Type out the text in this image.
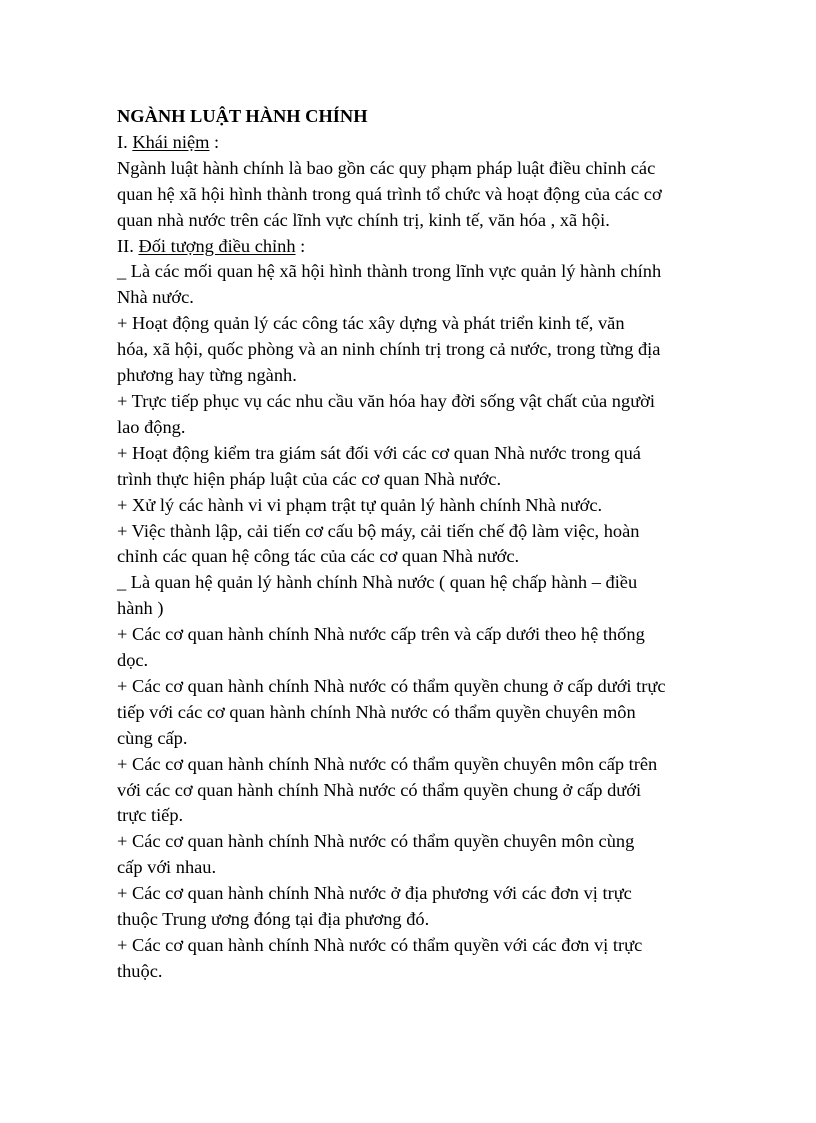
NGÀNH LUẬT HÀNH CHÍNH

I. Khái niệm :

Ngành luật hành chính là bao gồn các quy phạm pháp luật điều chỉnh các

quan hệ xã hội hình thành trong quá trình tổ chức và hoạt động của các cơ

quan nhà nước trên các lĩnh vực chính trị, kinh tế, văn hóa , xã hội.

II. Đối tượng điều chỉnh :

_ Là các mối quan hệ xã hội hình thành trong lĩnh vực quản lý hành chính

Nhà nước.

+ Hoạt động quản lý các công tác xây dựng và phát triển kinh tế, văn

hóa, xã hội, quốc phòng và an ninh chính trị trong cả nước, trong từng địa

phương hay từng ngành.

+ Trực tiếp phục vụ các nhu cầu văn hóa hay đời sống vật chất của người

lao động.

+ Hoạt động kiểm tra giám sát đối với các cơ quan Nhà nước trong quá

trình thực hiện pháp luật của các cơ quan Nhà nước.

+ Xử lý các hành vi vi phạm trật tự quản lý hành chính Nhà nước.

+ Việc thành lập, cải tiến cơ cấu bộ máy, cải tiến chế độ làm việc, hoàn

chỉnh các quan hệ công tác của các cơ quan Nhà nước.

_ Là quan hệ quản lý hành chính Nhà nước ( quan hệ chấp hành – điều

hành )

+ Các cơ quan hành chính Nhà nước cấp trên và cấp dưới theo hệ thống

dọc.

+ Các cơ quan hành chính Nhà nước có thẩm quyền chung ở cấp dưới trực

tiếp với các cơ quan hành chính Nhà nước có thẩm quyền chuyên môn

cùng cấp.

+ Các cơ quan hành chính Nhà nước có thẩm quyền chuyên môn cấp trên

với các cơ quan hành chính Nhà nước có thẩm quyền chung ở cấp dưới

trực tiếp.

+ Các cơ quan hành chính Nhà nước có thẩm quyền chuyên môn cùng

cấp với nhau.

+ Các cơ quan hành chính Nhà nước ở địa phương với các đơn vị trực

thuộc Trung ương đóng tại địa phương đó.

+ Các cơ quan hành chính Nhà nước có thẩm quyền với các đơn vị trực

thuộc.
